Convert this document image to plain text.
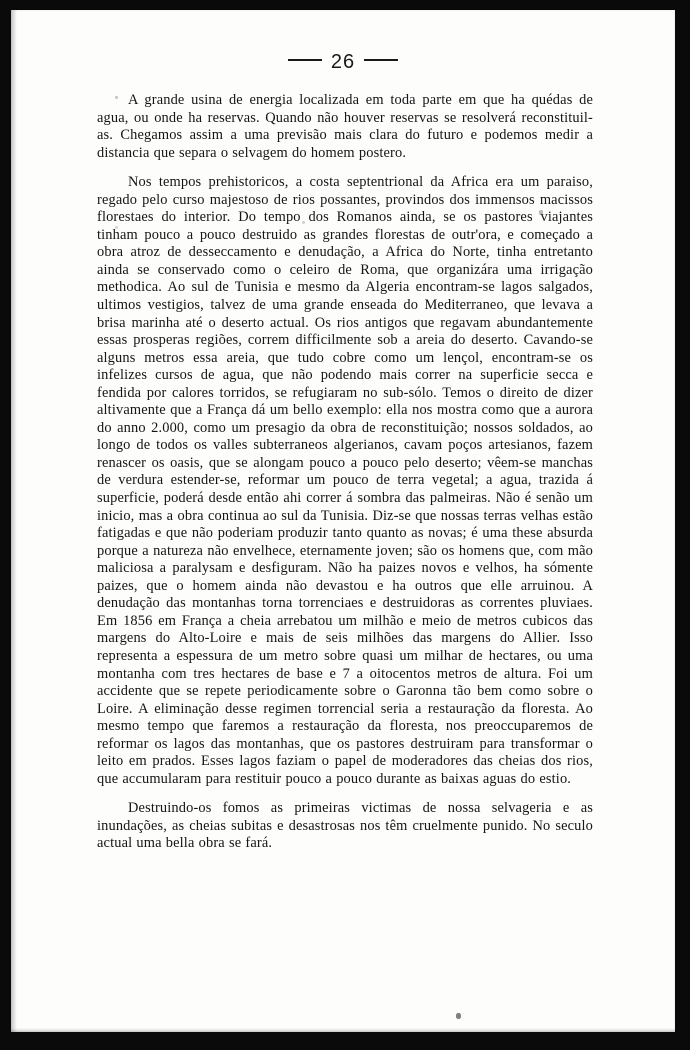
26

A grande usina de energia localizada em toda parte em que ha quédas de agua, ou onde ha reservas. Quando não houver reservas se resolverá reconstituil-as. Chegamos assim a uma previsão mais clara do futuro e podemos medir a distancia que separa o selvagem do homem postero.

Nos tempos prehistoricos, a costa septentrional da Africa era um paraiso, regado pelo curso majestoso de rios possantes, provindos dos immensos macissos florestaes do interior. Do tempo dos Romanos ainda, se os pastores viajantes tinham pouco a pouco destruido as grandes florestas de outr'ora, e começado a obra atroz de desseccamento e denudação, a Africa do Norte, tinha entretanto ainda se conservado como o celeiro de Roma, que organizára uma irrigação methodica. Ao sul de Tunisia e mesmo da Algeria encontram-se lagos salgados, ultimos vestigios, talvez de uma grande enseada do Mediterraneo, que levava a brisa marinha até o deserto actual. Os rios antigos que regavam abundantemente essas prosperas regiões, correm difficilmente sob a areia do deserto. Cavando-se alguns metros essa areia, que tudo cobre como um lençol, encontram-se os infelizes cursos de agua, que não podendo mais correr na superficie secca e fendida por calores torridos, se refugiaram no sub-sólo. Temos o direito de dizer altivamente que a França dá um bello exemplo: ella nos mostra como que a aurora do anno 2.000, como um presagio da obra de reconstituição; nossos soldados, ao longo de todos os valles subterraneos algerianos, cavam poços artesianos, fazem renascer os oasis, que se alongam pouco a pouco pelo deserto; vêem-se manchas de verdura estender-se, reformar um pouco de terra vegetal; a agua, trazida á superficie, poderá desde então ahi correr á sombra das palmeiras. Não é senão um inicio, mas a obra continua ao sul da Tunisia. Diz-se que nossas terras velhas estão fatigadas e que não poderiam produzir tanto quanto as novas; é uma these absurda porque a natureza não envelhece, eternamente joven; são os homens que, com mão maliciosa a paralysam e desfiguram. Não ha paizes novos e velhos, ha sómente paizes, que o homem ainda não devastou e ha outros que elle arruinou. A denudação das montanhas torna torrenciaes e destruidoras as correntes pluviaes. Em 1856 em França a cheia arrebatou um milhão e meio de metros cubicos das margens do Alto-Loire e mais de seis milhões das margens do Allier. Isso representa a espessura de um metro sobre quasi um milhar de hectares, ou uma montanha com tres hectares de base e 7 a oitocentos metros de altura. Foi um accidente que se repete periodicamente sobre o Garonna tão bem como sobre o Loire. A eliminação desse regimen torrencial seria a restauração da floresta. Ao mesmo tempo que faremos a restauração da floresta, nos preoccuparemos de reformar os lagos das montanhas, que os pastores destruiram para transformar o leito em prados. Esses lagos faziam o papel de moderadores das cheias dos rios, que accumularam para restituir pouco a pouco durante as baixas aguas do estio.

Destruindo-os fomos as primeiras victimas de nossa selvageria e as inundações, as cheias subitas e desastrosas nos têm cruelmente punido. No seculo actual uma bella obra se fará.
